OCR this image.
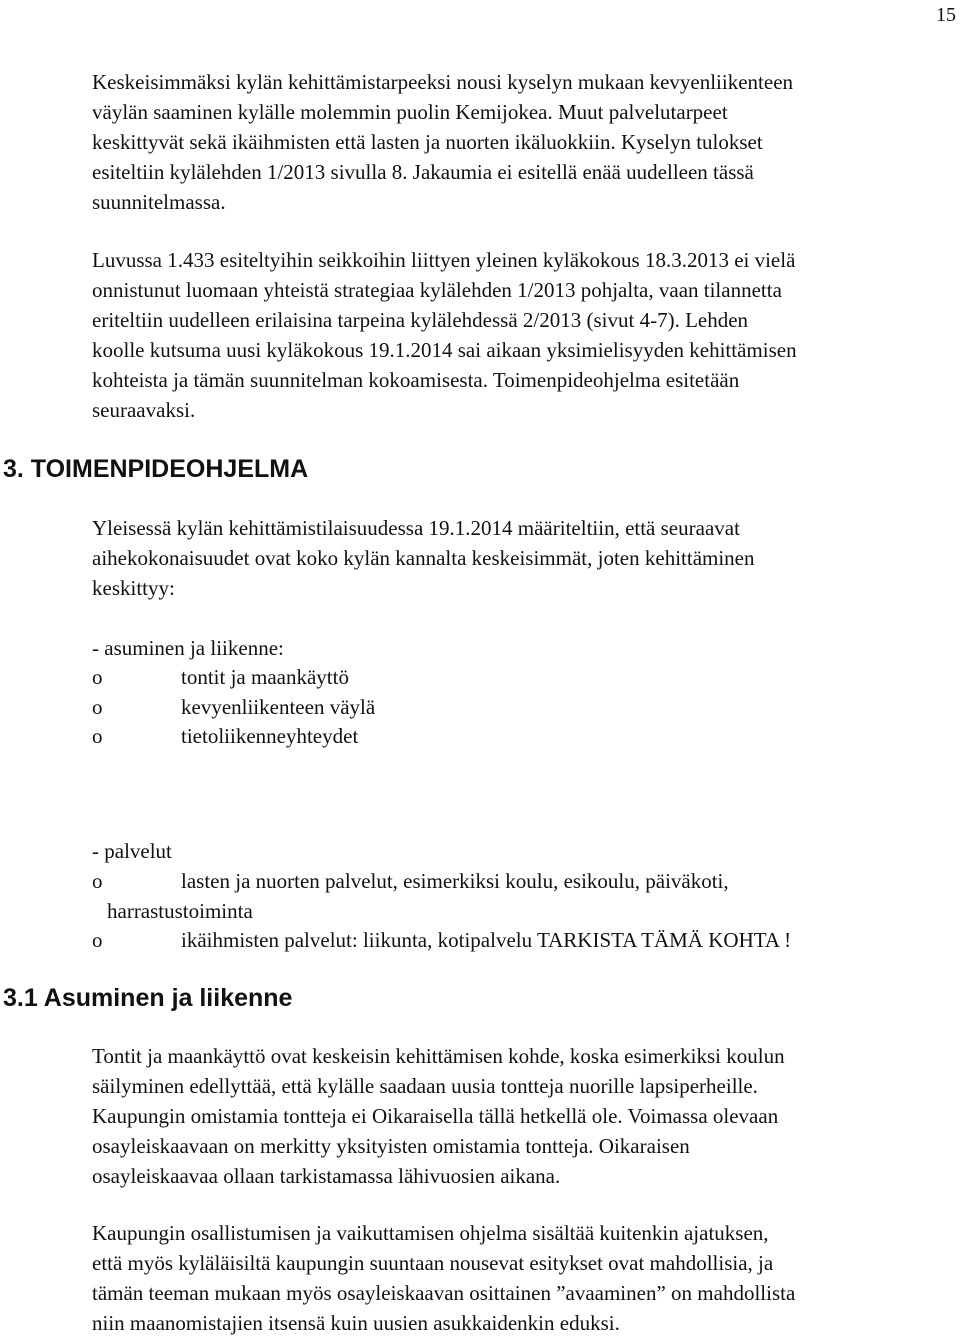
15

Keskeisimmäksi kylän kehittämistarpeeksi nousi kyselyn mukaan kevyenliikenteen
väylän saaminen kylälle molemmin puolin Kemijokea. Muut palvelutarpeet
keskittyvät sekä ikäihmisten että lasten ja nuorten ikäluokkiin. Kyselyn tulokset
esiteltiin kylälehden 1/2013 sivulla 8. Jakaumia ei esitellä enää uudelleen tässä
suunnitelmassa.

Luvussa 1.433 esiteltyihin seikkoihin liittyen yleinen kyläkokous 18.3.2013 ei vielä
onnistunut luomaan yhteistä strategiaa kylälehden 1/2013 pohjalta, vaan tilannetta
eriteltiin uudelleen erilaisina tarpeina kylälehdessä 2/2013 (sivut 4-7). Lehden
koolle kutsuma uusi kyläkokous 19.1.2014 sai aikaan yksimielisyyden kehittämisen
kohteista ja tämän suunnitelman kokoamisesta. Toimenpideohjelma esitetään
seuraavaksi.

3. TOIMENPIDEOHJELMA

Yleisessä kylän kehittämistilaisuudessa 19.1.2014 määriteltiin, että seuraavat
aihekokonaisuudet ovat koko kylän kannalta keskeisimmät, joten kehittäminen
keskittyy:

- asuminen ja liikenne:
o	tontit ja maankäyttö
o	kevyenliikenteen väylä
o	tietoliikenneyhteydet
- palvelut
o	lasten ja nuorten palvelut, esimerkiksi koulu, esikoulu, päiväkoti,
harrastustoiminta
o	ikäihmisten palvelut: liikunta, kotipalvelu TARKISTA TÄMÄ KOHTA !
3.1 Asuminen ja liikenne

Tontit ja maankäyttö ovat keskeisin kehittämisen kohde, koska esimerkiksi koulun
säilyminen edellyttää, että kylälle saadaan uusia tontteja nuorille lapsiperheille.
Kaupungin omistamia tontteja ei Oikaraisella tällä hetkellä ole. Voimassa olevaan
osayleiskaavaan on merkitty yksityisten omistamia tontteja. Oikaraisen
osayleiskaavaa ollaan tarkistamassa lähivuosien aikana.

Kaupungin osallistumisen ja vaikuttamisen ohjelma sisältää kuitenkin ajatuksen,
että myös kyläläisiltä kaupungin suuntaan nousevat esitykset ovat mahdollisia, ja
tämän teeman mukaan myös osayleiskaavan osittainen ”avaaminen” on mahdollista
niin maanomistajien itsensä kuin uusien asukkaidenkin eduksi.
